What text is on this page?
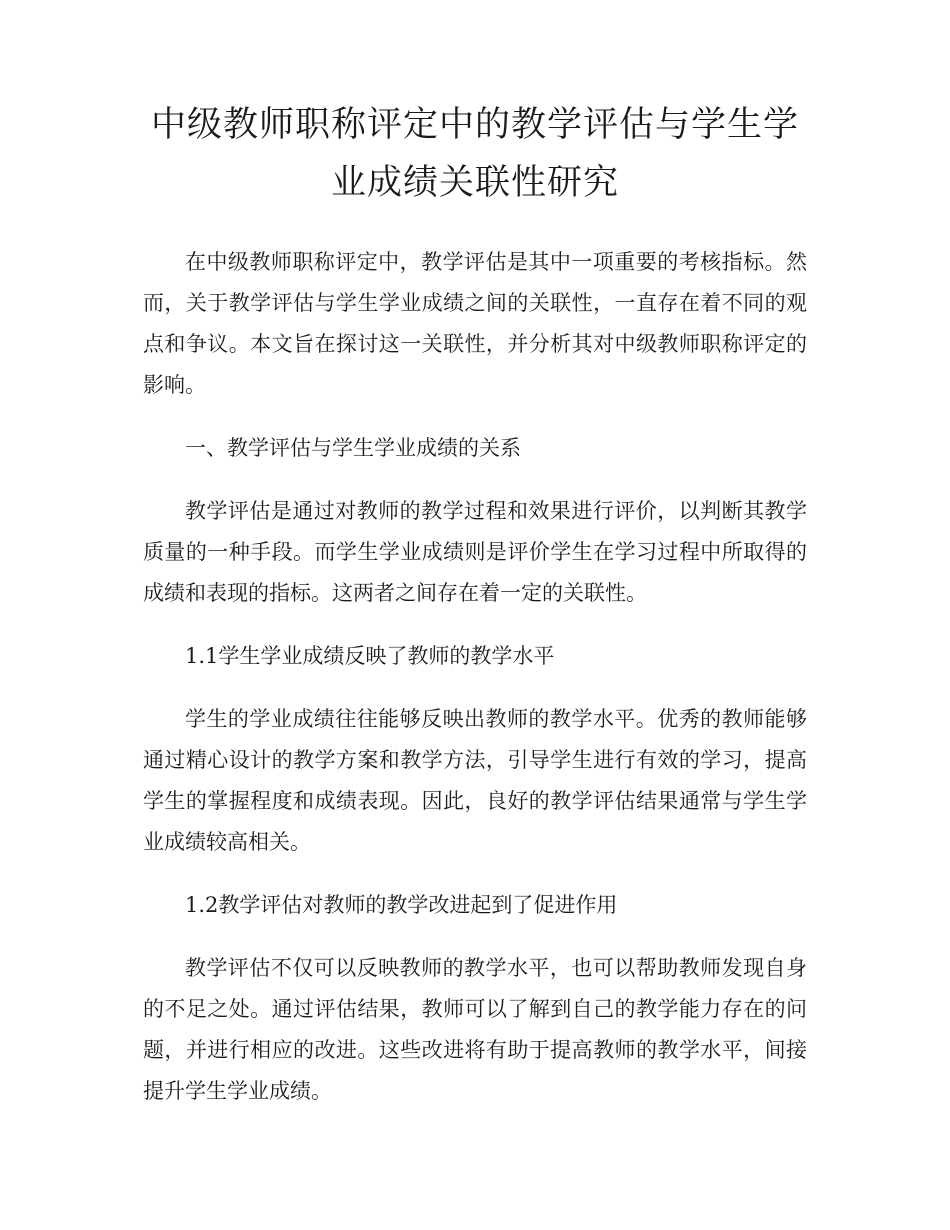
中级教师职称评定中的教学评估与学生学业成绩关联性研究

在中级教师职称评定中，教学评估是其中一项重要的考核指标。然而，关于教学评估与学生学业成绩之间的关联性，一直存在着不同的观点和争议。本文旨在探讨这一关联性，并分析其对中级教师职称评定的影响。

一、教学评估与学生学业成绩的关系

教学评估是通过对教师的教学过程和效果进行评价，以判断其教学质量的一种手段。而学生学业成绩则是评价学生在学习过程中所取得的成绩和表现的指标。这两者之间存在着一定的关联性。

1.1学生学业成绩反映了教师的教学水平

学生的学业成绩往往能够反映出教师的教学水平。优秀的教师能够通过精心设计的教学方案和教学方法，引导学生进行有效的学习，提高学生的掌握程度和成绩表现。因此，良好的教学评估结果通常与学生学业成绩较高相关。

1.2教学评估对教师的教学改进起到了促进作用

教学评估不仅可以反映教师的教学水平，也可以帮助教师发现自身的不足之处。通过评估结果，教师可以了解到自己的教学能力存在的问题，并进行相应的改进。这些改进将有助于提高教师的教学水平，间接提升学生学业成绩。
